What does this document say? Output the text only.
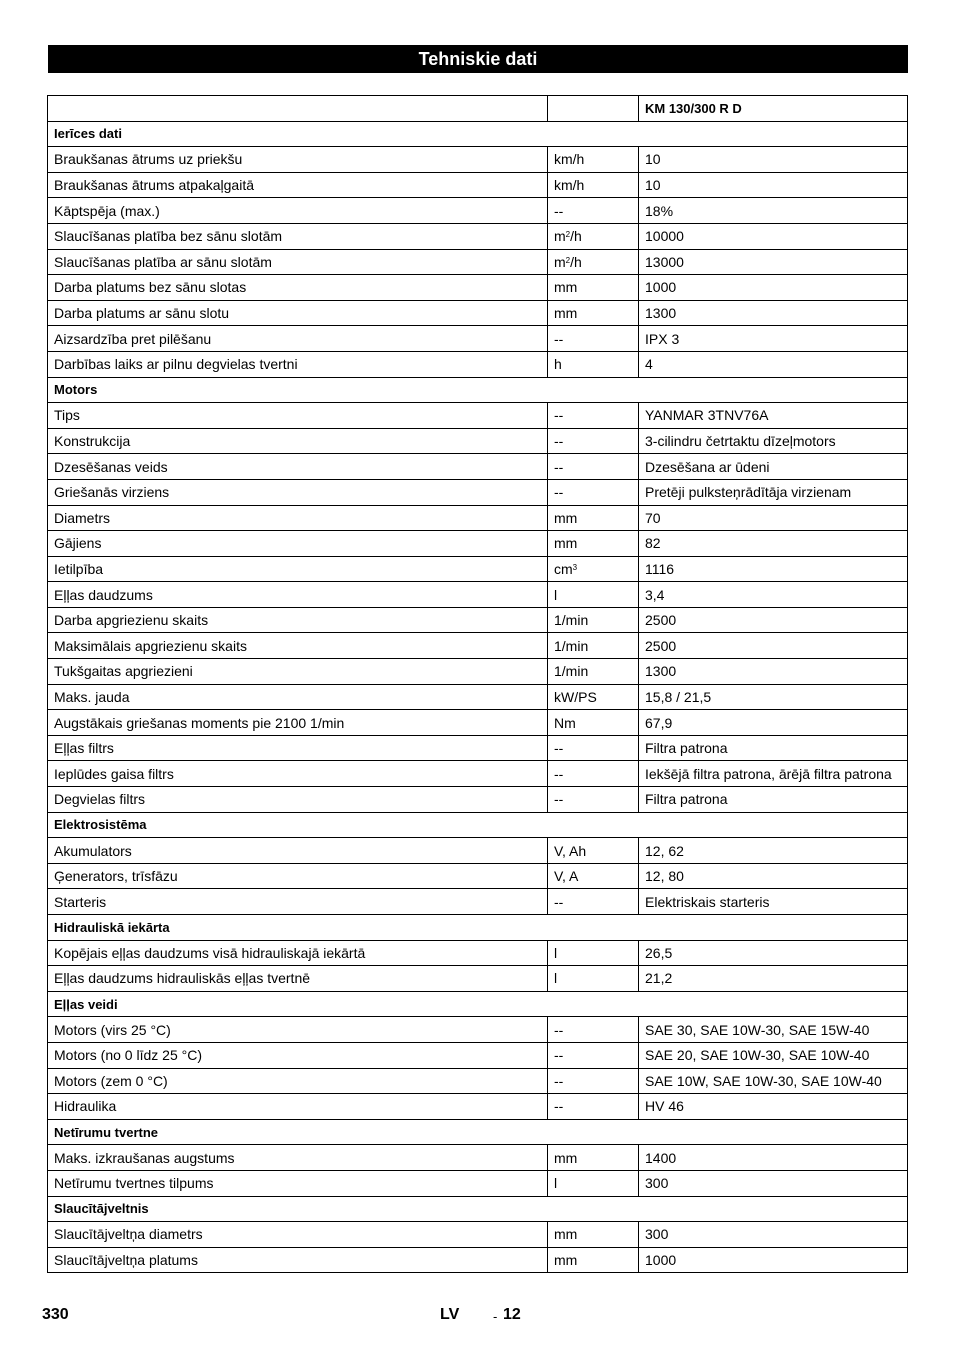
Tehniskie dati
		KM 130/300 R D
Ierīces dati		
Braukšanas ātrums uz priekšu	km/h	10
Braukšanas ātrums atpakaļgaitā	km/h	10
Kāptspēja (max.)	--	18%
Slaucīšanas platība bez sānu slotām	$m^2/h$	10000
Slaucīšanas platība ar sānu slotām	$m^2/h$	13000
Darba platums bez sānu slotas	mm	1000
Darba platums ar sānu slotu	mm	1300
Aizsardzība pret pilēšanu	--	IPX 3
Darbības laiks ar pilnu degvielas tvertni	h	4
Motors		
Tips	--	YANMAR 3TNV76A
Konstrukcija	--	3-cilindru četrtaktu dīzeļmotors
Dzesēšanas veids	--	Dzesēšana ar ūdeni
Griešanās virziens	--	Pretēji pulksteņrādītāja virzienam
Diametrs	mm	70
Gājiens	mm	82
Ietilpība	$cm^3$	1116
Eļļas daudzums	l	3,4
Darba apgriezienu skaits	1/min	2500
Maksimālais apgriezienu skaits	1/min	2500
Tukšgaitas apgriezieni	1/min	1300
Maks. jauda	kW/PS	15,8 / 21,5
Augstākais griešanas moments pie 2100 1/min	Nm	67,9
Eļļas filtrs	--	Filtra patrona
Ieplūdes gaisa filtrs	--	Iekšējā filtra patrona, ārējā filtra patrona
Degvielas filtrs	--	Filtra patrona
Elektrosistēma		
Akumulators	V, Ah	12, 62
Ģenerators, trīsfāzu	V, A	12, 80
Starteris	--	Elektriskais starteris
Hidrauliskā iekārta		
Kopējais eļļas daudzums visā hidrauliskajā iekārtā	l	26,5
Eļļas daudzums hidrauliskās eļļas tvertnē	l	21,2
Eļļas veidi		
Motors (virs 25 °C)	--	SAE 30, SAE 10W-30, SAE 15W-40
Motors (no 0 līdz 25 °C)	--	SAE 20, SAE 10W-30, SAE 10W-40
Motors (zem 0 °C)	--	SAE 10W, SAE 10W-30, SAE 10W-40
Hidraulika	--	HV 46
Netīrumu tvertne		
Maks. izkraušanas augstums	mm	1400
Netīrumu tvertnes tilpums	l	300
Slaucītājveltnis		
Slaucītājveltņa diametrs	mm	300
Slaucītājveltņa platums	mm	1000
330	LV	- 12
